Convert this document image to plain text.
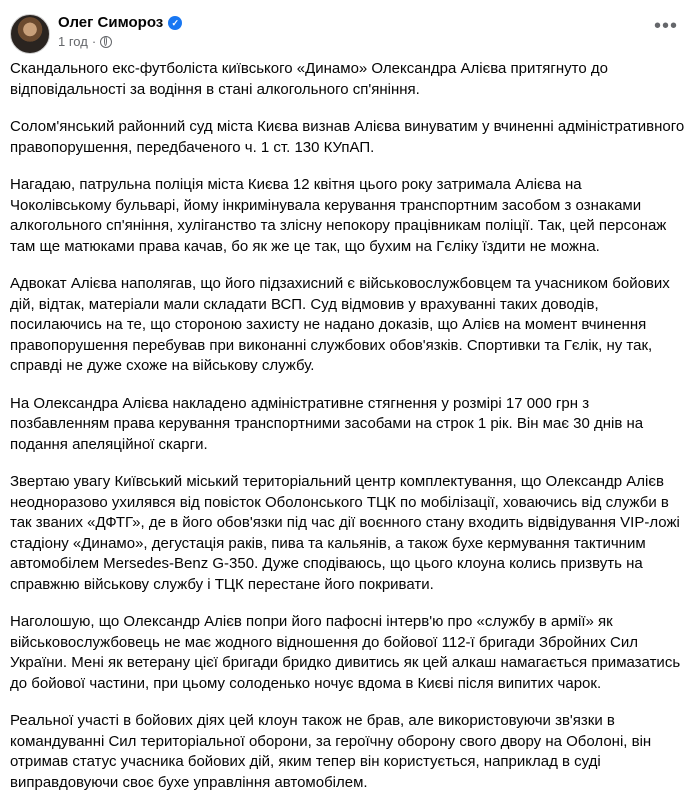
Олег Симороз ✓
1 год ·
•••

Скандального екс-футболіста київського «Динамо» Олександра Алієва притягнуто до відповідальності за водіння в стані алкогольного сп'яніння.

Солом'янський районний суд міста Києва визнав Алієва винуватим у вчиненні адміністративного правопорушення, передбаченого ч. 1 ст. 130 КУпАП.

Нагадаю, патрульна поліція міста Києва 12 квітня цього року затримала Алієва на Чоколівському бульварі, йому інкримінувала керування транспортним засобом з ознаками алкогольного сп'яніння, хуліганство та злісну непокору працівникам поліції. Так, цей персонаж там ще матюками права качав, бо як же це так, що бухим на Гєліку їздити не можна.

Адвокат Алієва наполягав, що його підзахисний є військовослужбовцем та учасником бойових дій, відтак, матеріали мали складати ВСП. Суд відмовив у врахуванні таких доводів, посилаючись на те, що стороною захисту не надано доказів, що Алієв на момент вчинення правопорушення перебував при виконанні службових обов'язків. Спортивки та Гєлік, ну так, справді не дуже схоже на військову службу.

На Олександра Алієва накладено адміністративне стягнення у розмірі 17 000 грн з позбавленням права керування транспортними засобами на строк 1 рік. Він має 30 днів на подання апеляційної скарги.

Звертаю увагу Київський міський територіальний центр комплектування, що Олександр Алієв неодноразово ухилявся від повісток Оболонського ТЦК по мобілізації, ховаючись від служби в так званих «ДФТГ», де в його обов'язки під час дії воєнного стану входить відвідування VIP-ложі стадіону «Динамо», дегустація раків, пива та кальянів, а також бухе кермування тактичним автомобілем Mersedes-Benz G-350. Дуже сподіваюсь, що цього клоуна колись призвуть на справжню військову службу і ТЦК перестане його покривати.

Наголошую, що Олександр Алієв попри його пафосні інтерв'ю про «службу в армії» як військовослужбовець не має жодного відношення до бойової 112-ї бригади Збройних Сил України. Мені як ветерану цієї бригади бридко дивитись як цей алкаш намагається примазатись до бойової частини, при цьому солоденько ночує вдома в Києві після випитих чарок.

Реальної участі в бойових діях цей клоун також не брав, але використовуючи зв'язки в командуванні Сил територіальної оборони, за героїчну оборону свого двору на Оболоні, він отримав статус учасника бойових дій, яким тепер він користується, наприклад в суді виправдовуючи своє бухе управління автомобілем.
